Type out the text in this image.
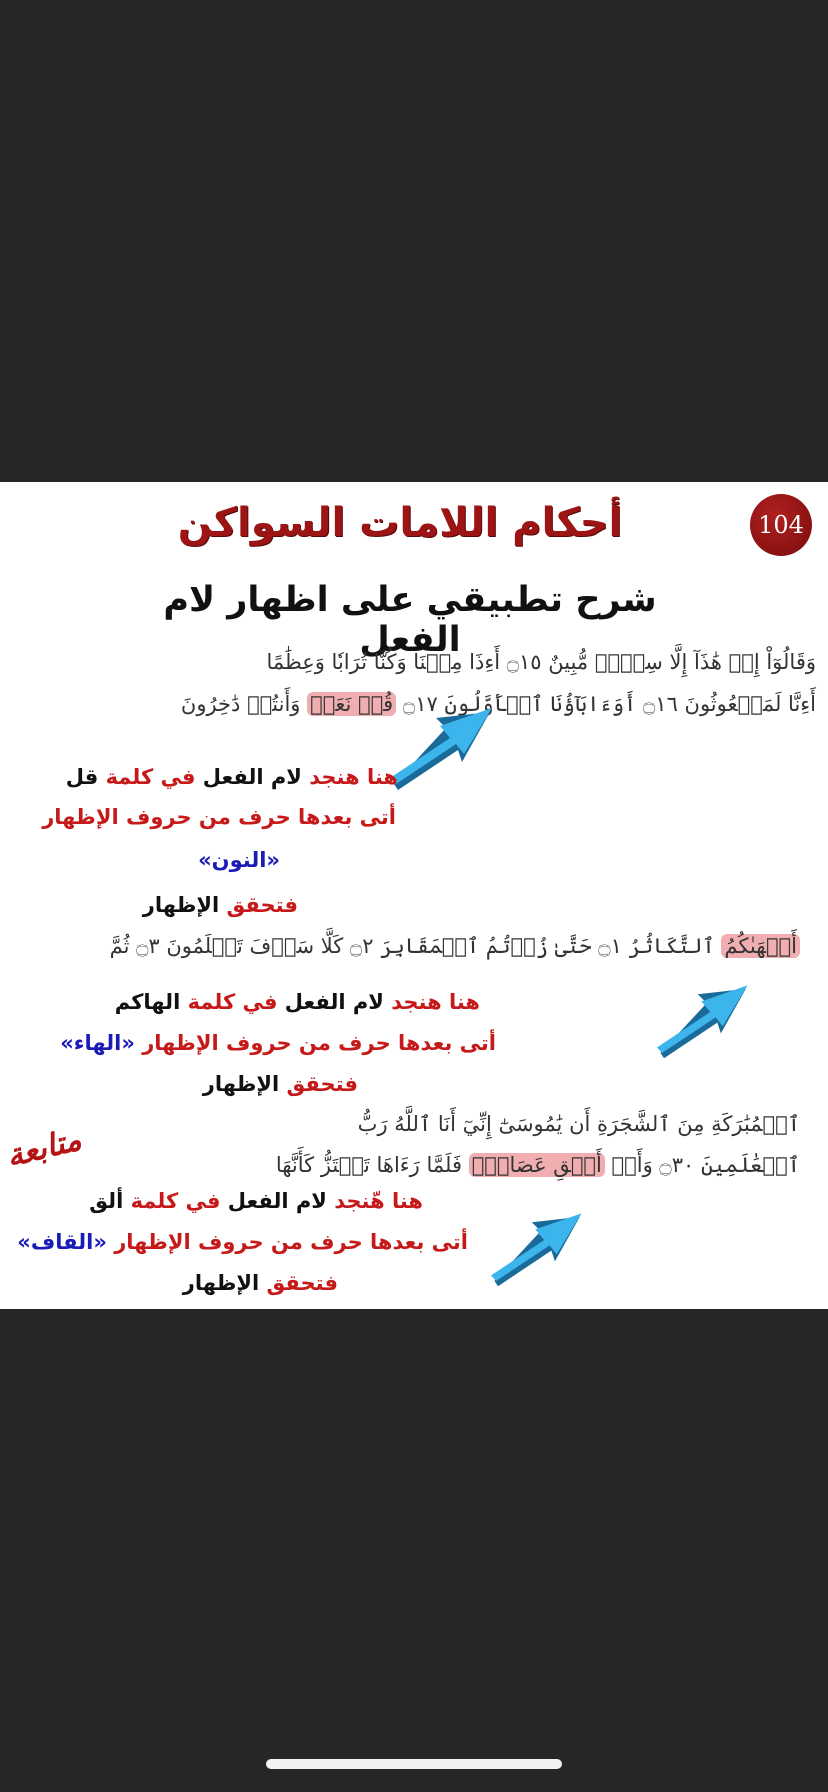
104
أحكام اللامات السواكن
شرح تطبيقي على اظهار لام الفعل
وَقَالُوٓاْ إِنۡ هَٰذَآ إِلَّا سِحۡرٞ مُّبِينٌ ۝١٥ أَءِذَا مِتۡنَا وَكُنَّا تُرَابٗا وَعِظَٰمًا
أَءِنَّا لَمَبۡعُوثُونَ ۝١٦ أَوَءَابَآؤُنَا ٱلۡأَوَّلُونَ ۝١٧ قُلۡ نَعَمۡ وَأَنتُمۡ دَٰخِرُونَ
هنا هنجد لام الفعل في كلمة قل
أتى بعدها حرف من حروف الإظهار
«النون»
فتحقق الإظهار
أَلۡهَىٰكُمُ ٱلتَّكَاثُرُ ۝١ حَتَّىٰ زُرۡتُمُ ٱلۡمَقَابِرَ ۝٢ كَلَّا سَوۡفَ تَعۡلَمُونَ ۝٣ ثُمَّ
هنا هنجد لام الفعل في كلمة الهاكم
أتى بعدها حرف من حروف الإظهار «الهاء»
فتحقق الإظهار
ٱلۡمُبَٰرَكَةِ مِنَ ٱلشَّجَرَةِ أَن يَٰمُوسَىٰٓ إِنِّيٓ أَنَا ٱللَّهُ رَبُّ
ٱلۡعَٰلَمِينَ ۝٣٠ وَأَنۡ أَلۡقِ عَصَاكَۖ فَلَمَّا رَءَاهَا تَهۡتَزُّ كَأَنَّهَا
متابعة
هنا هّنجد لام الفعل في كلمة ألق
أتى بعدها حرف من حروف الإظهار «القاف»
فتحقق الإظهار
